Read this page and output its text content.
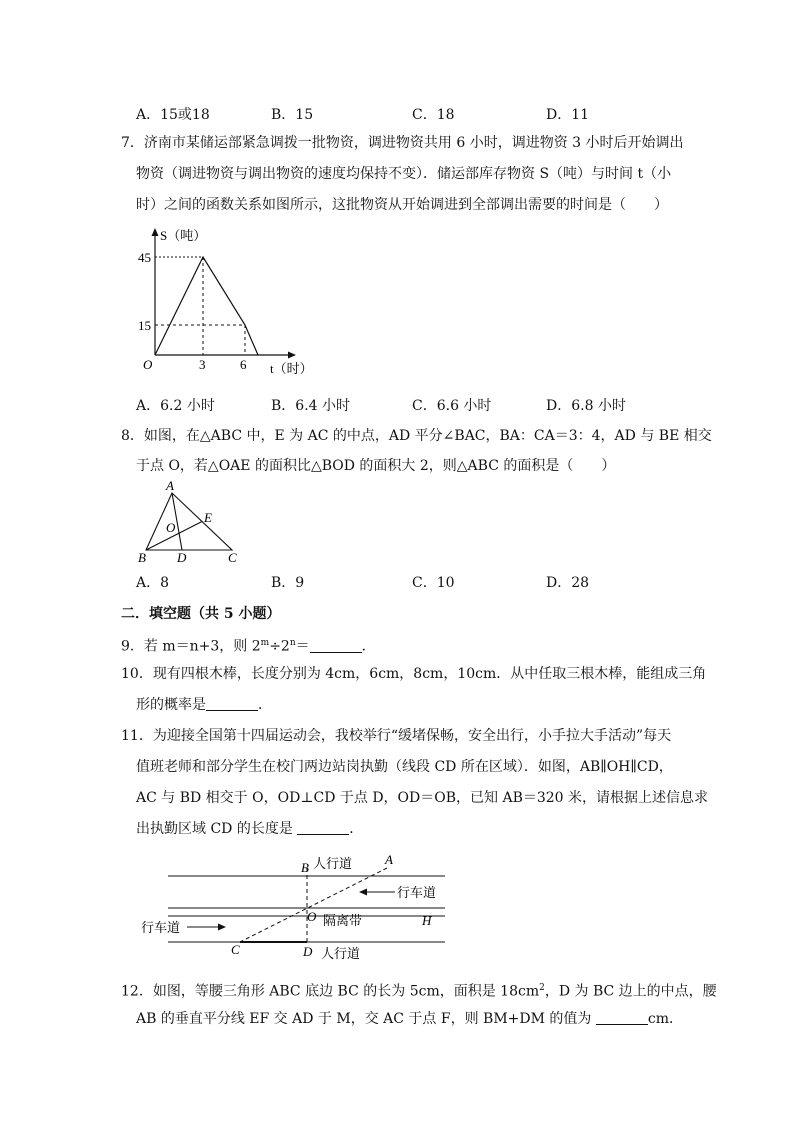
A．15或18	B．15	C．18	D．11
7．济南市某储运部紧急调拨一批物资，调进物资共用 6 小时，调进物资 3 小时后开始调出
物资（调进物资与调出物资的速度均保持不变）．储运部库存物资 S（吨）与时间 t（小
时）之间的函数关系如图所示，这批物资从开始调进到全部调出需要的时间是（　　）
S（吨）
45
15
O	3	6 t（时）
A．6.2 小时	B．6.4 小时	C．6.6 小时	D．6.8 小时
8．如图，在△ABC 中，E 为 AC 的中点，AD 平分∠BAC，BA：CA＝3：4，AD 与 BE 相交
于点 O，若△OAE 的面积比△BOD 的面积大 2，则△ABC 的面积是（　　）
A
B	C
D
E
O
A．8	B．9	C．10	D．28
二．填空题（共 5 小题）
9．若 m＝n+3，则 $2^m\div 2^n=$	．
10．现有四根木棒，长度分别为 4cm，6cm，8cm，10cm．从中任取三根木棒，能组成三角
形的概率是	．
11．为迎接全国第十四届运动会，我校举行“缓堵保畅，安全出行，小手拉大手活动”每天
值班老师和部分学生在校门两边站岗执勤（线段 CD 所在区域）．如图，AB∥OH∥CD，
AC 与 BD 相交于 O，OD⊥CD 于点 D，OD＝OB，已知 AB＝320 米，请根据上述信息求
出执勤区域 CD 的长度是	．
B 人行道	A
行车道
O 隔离带	H
行车道
C	D 人行道
12．如图，等腰三角形 ABC 底边 BC 的长为 5cm，面积是 $18cm^2$，D 为 BC 边上的中点，腰
AB 的垂直平分线 EF 交 AD 于 M，交 AC 于点 F，则 BM+DM 的值为	cm．
